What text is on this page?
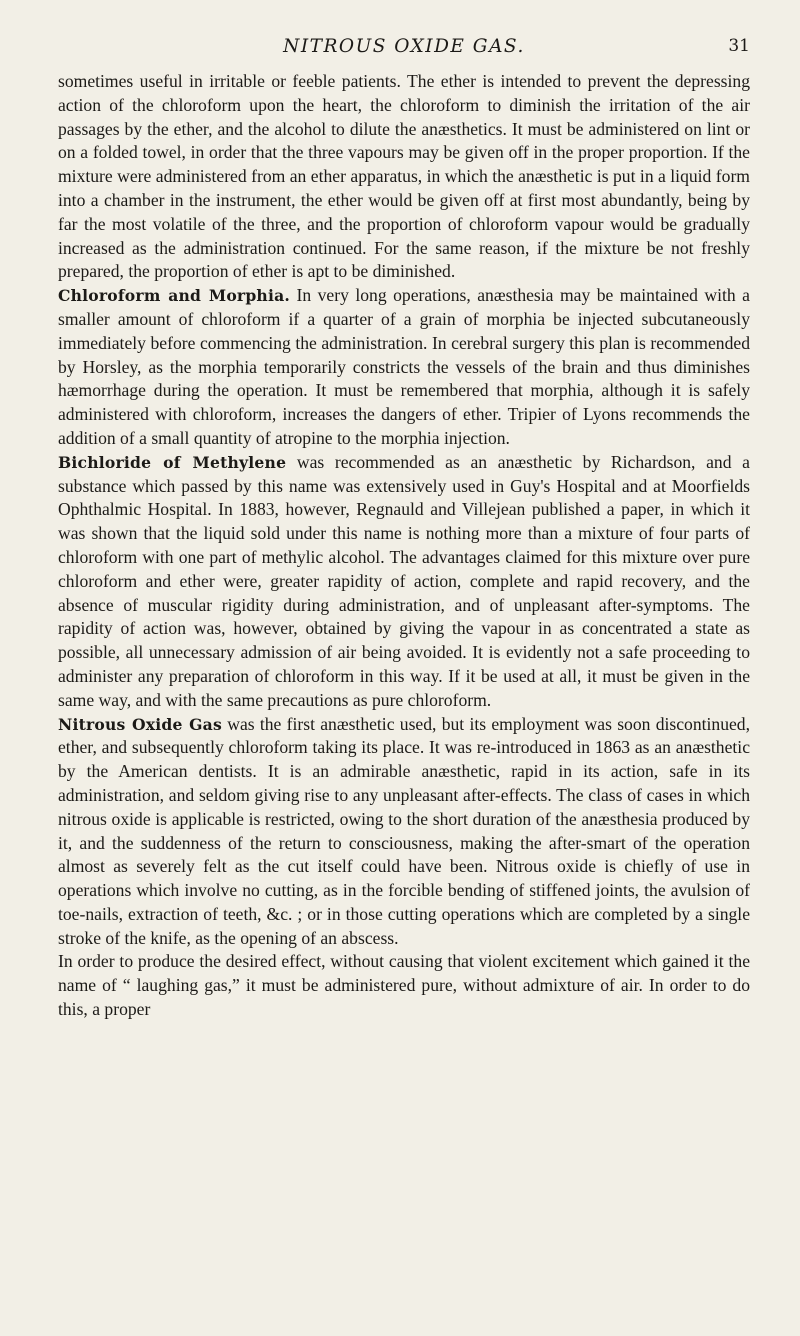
NITROUS OXIDE GAS.	31

sometimes useful in irritable or feeble patients. The ether is intended to prevent the depressing action of the chloroform upon the heart, the chloroform to diminish the irritation of the air passages by the ether, and the alcohol to dilute the anæsthetics. It must be administered on lint or on a folded towel, in order that the three vapours may be given off in the proper proportion. If the mixture were administered from an ether apparatus, in which the anæsthetic is put in a liquid form into a chamber in the instrument, the ether would be given off at first most abundantly, being by far the most volatile of the three, and the proportion of chloroform vapour would be gradually increased as the administration continued. For the same reason, if the mixture be not freshly prepared, the proportion of ether is apt to be diminished.

Chloroform and Morphia. In very long operations, anæsthesia may be maintained with a smaller amount of chloroform if a quarter of a grain of morphia be injected subcutaneously immediately before commencing the administration. In cerebral surgery this plan is recommended by Horsley, as the morphia temporarily constricts the vessels of the brain and thus diminishes hæmorrhage during the operation. It must be remembered that morphia, although it is safely administered with chloroform, increases the dangers of ether. Tripier of Lyons recommends the addition of a small quantity of atropine to the morphia injection.

Bichloride of Methylene was recommended as an anæsthetic by Richardson, and a substance which passed by this name was extensively used in Guy's Hospital and at Moorfields Ophthalmic Hospital. In 1883, however, Regnauld and Villejean published a paper, in which it was shown that the liquid sold under this name is nothing more than a mixture of four parts of chloroform with one part of methylic alcohol. The advantages claimed for this mixture over pure chloroform and ether were, greater rapidity of action, complete and rapid recovery, and the absence of muscular rigidity during administration, and of unpleasant after-symptoms. The rapidity of action was, however, obtained by giving the vapour in as concentrated a state as possible, all unnecessary admission of air being avoided. It is evidently not a safe proceeding to administer any preparation of chloroform in this way. If it be used at all, it must be given in the same way, and with the same precautions as pure chloroform.

Nitrous Oxide Gas was the first anæsthetic used, but its employment was soon discontinued, ether, and subsequently chloroform taking its place. It was re-introduced in 1863 as an anæsthetic by the American dentists. It is an admirable anæsthetic, rapid in its action, safe in its administration, and seldom giving rise to any unpleasant after-effects. The class of cases in which nitrous oxide is applicable is restricted, owing to the short duration of the anæsthesia produced by it, and the suddenness of the return to consciousness, making the after-smart of the operation almost as severely felt as the cut itself could have been. Nitrous oxide is chiefly of use in operations which involve no cutting, as in the forcible bending of stiffened joints, the avulsion of toe-nails, extraction of teeth, &c. ; or in those cutting operations which are completed by a single stroke of the knife, as the opening of an abscess.

In order to produce the desired effect, without causing that violent excitement which gained it the name of “ laughing gas,” it must be administered pure, without admixture of air. In order to do this, a proper
